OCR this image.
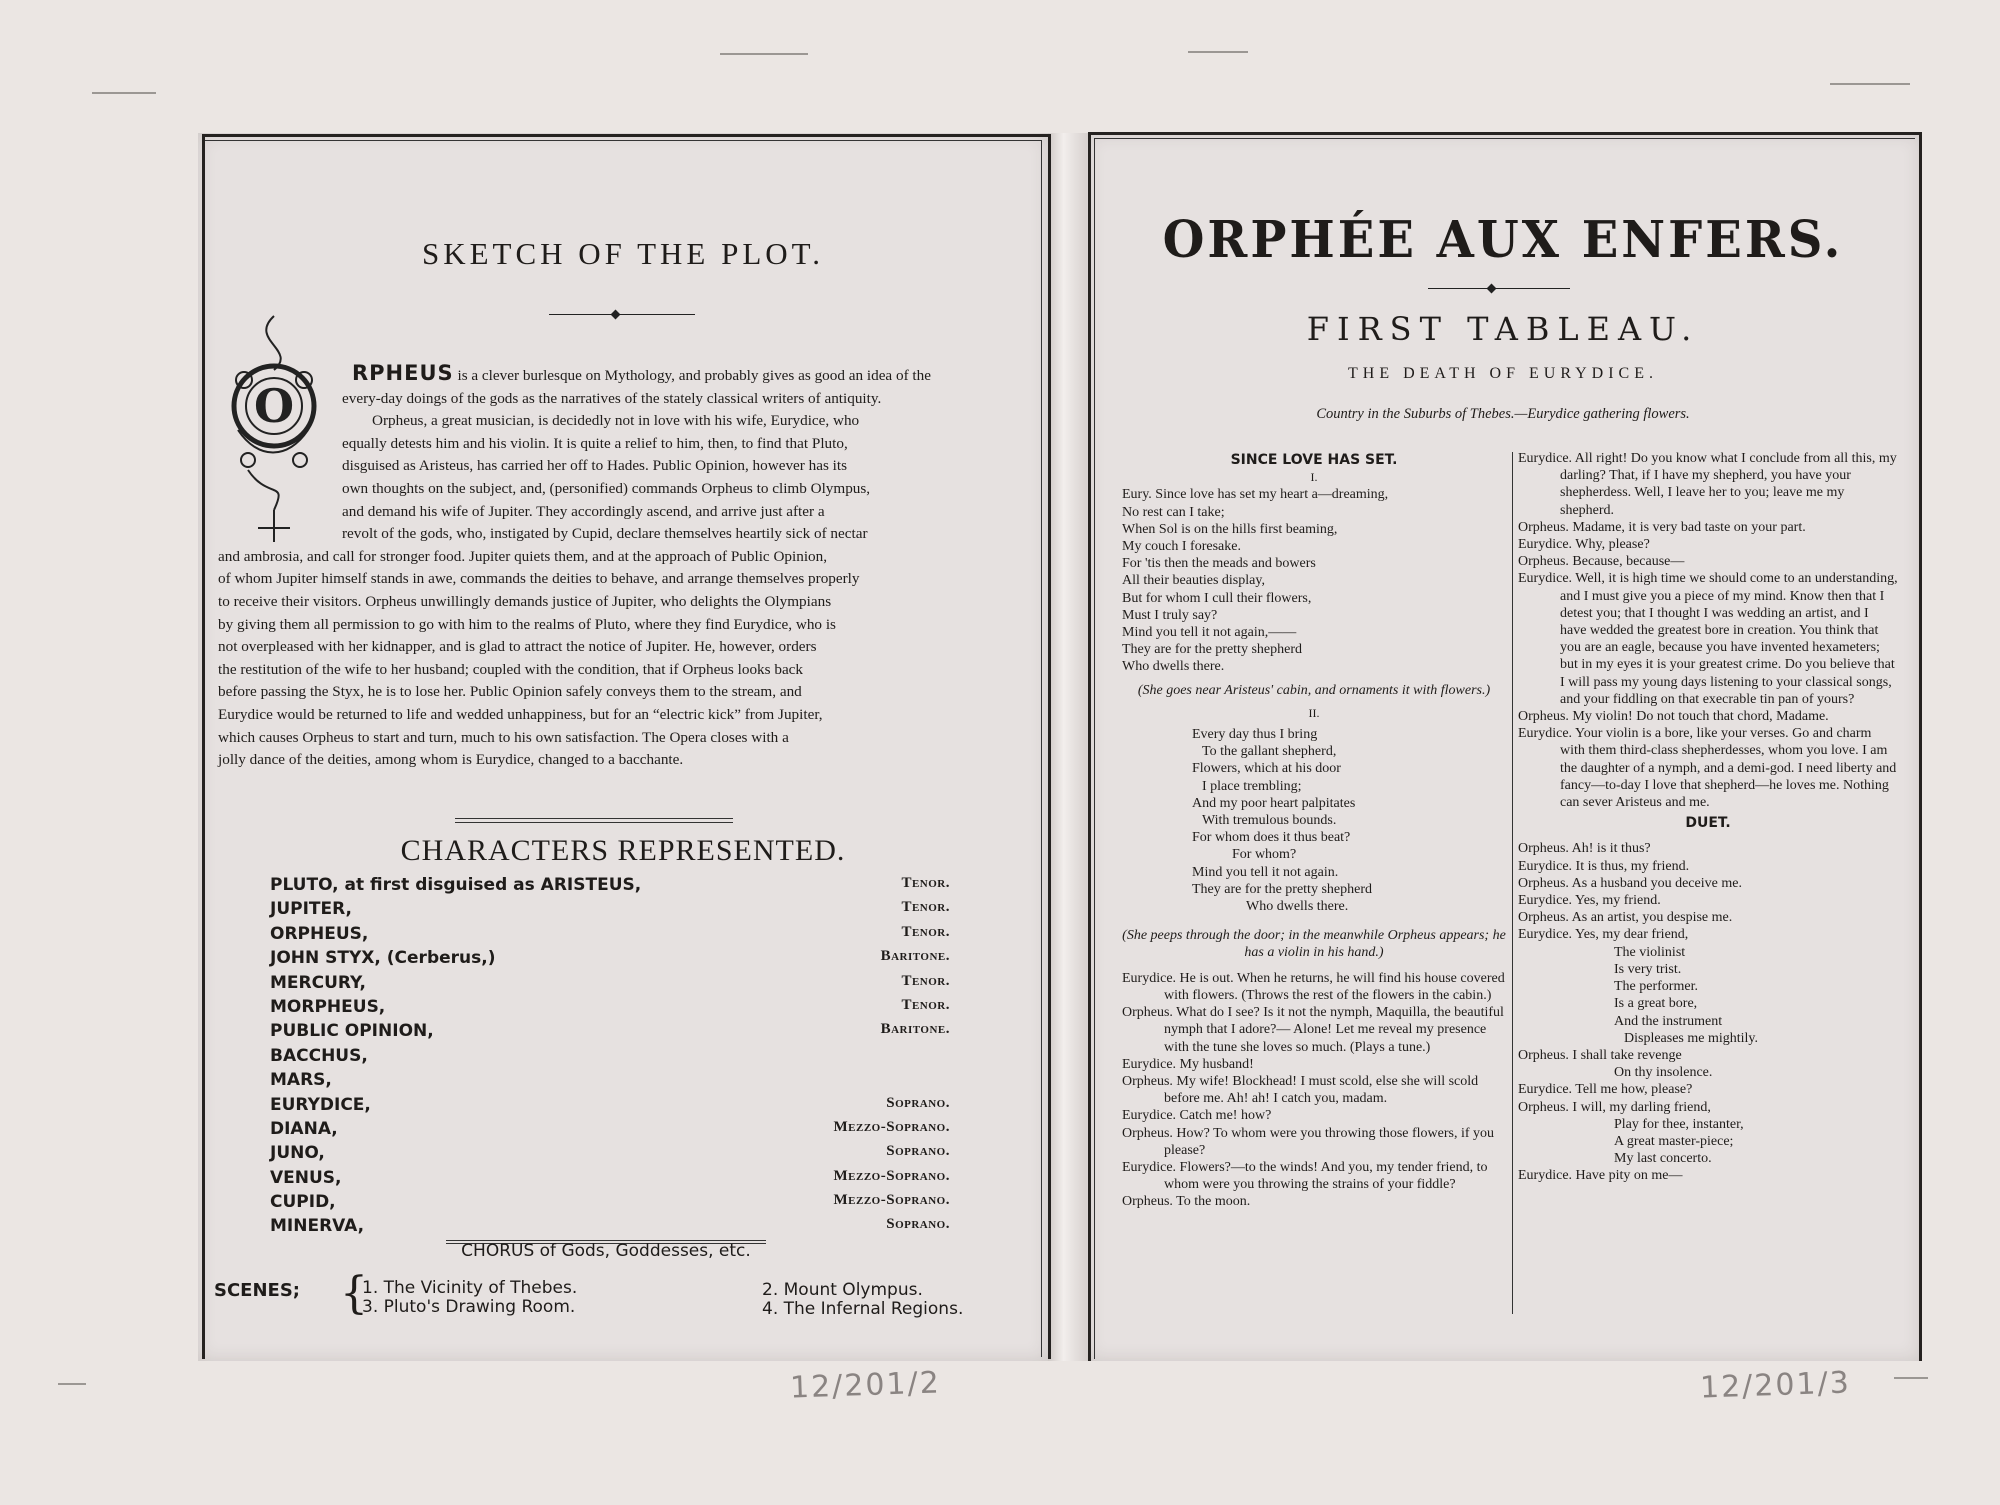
SKETCH OF THE PLOT.
O
RPHEUS is a clever burlesque on Mythology, and probably gives as good an idea of the
every-day doings of the gods as the narratives of the stately classical writers of antiquity.
Orpheus, a great musician, is decidedly not in love with his wife, Eurydice, who
equally detests him and his violin. It is quite a relief to him, then, to find that Pluto,
disguised as Aristeus, has carried her off to Hades. Public Opinion, however has its
own thoughts on the subject, and, (personified) commands Orpheus to climb Olympus,
and demand his wife of Jupiter. They accordingly ascend, and arrive just after a
revolt of the gods, who, instigated by Cupid, declare themselves heartily sick of nectar
and ambrosia, and call for stronger food. Jupiter quiets them, and at the approach of Public Opinion,
of whom Jupiter himself stands in awe, commands the deities to behave, and arrange themselves properly
to receive their visitors. Orpheus unwillingly demands justice of Jupiter, who delights the Olympians
by giving them all permission to go with him to the realms of Pluto, where they find Eurydice, who is
not overpleased with her kidnapper, and is glad to attract the notice of Jupiter. He, however, orders
the restitution of the wife to her husband; coupled with the condition, that if Orpheus looks back
before passing the Styx, he is to lose her. Public Opinion safely conveys them to the stream, and
Eurydice would be returned to life and wedded unhappiness, but for an “electric kick” from Jupiter,
which causes Orpheus to start and turn, much to his own satisfaction. The Opera closes with a
jolly dance of the deities, among whom is Eurydice, changed to a bacchante.
CHARACTERS REPRESENTED.
PLUTO, at first disguised as ARISTEUS,	Tenor.
JUPITER,	Tenor.
ORPHEUS,	Tenor.
JOHN STYX, (Cerberus,)	Baritone.
MERCURY,	Tenor.
MORPHEUS,	Tenor.
PUBLIC OPINION,	Baritone.
BACCHUS,
MARS,
EURYDICE,	Soprano.
DIANA,	Mezzo-Soprano.
JUNO,	Soprano.
VENUS,	Mezzo-Soprano.
CUPID,	Mezzo-Soprano.
MINERVA,	Soprano.
CHORUS of Gods, Goddesses, etc.
SCENES; {
1. The Vicinity of Thebes.	2. Mount Olympus.
3. Pluto's Drawing Room.	4. The Infernal Regions.
ORPHÉE AUX ENFERS.
FIRST TABLEAU.
THE DEATH OF EURYDICE.
Country in the Suburbs of Thebes.—Eurydice gathering flowers.

SINCE LOVE HAS SET.

I.

Eury. Since love has set my heart a—dreaming,

No rest can I take;

When Sol is on the hills first beaming,

My couch I foresake.

For 'tis then the meads and bowers

All their beauties display,

But for whom I cull their flowers,

Must I truly say?

Mind you tell it not again,——

They are for the pretty shepherd

Who dwells there.

(She goes near Aristeus' cabin, and ornaments it with flowers.)

II.

Every day thus I bring

To the gallant shepherd,

Flowers, which at his door

I place trembling;

And my poor heart palpitates

With tremulous bounds.

For whom does it thus beat?

For whom?

Mind you tell it not again.

They are for the pretty shepherd

Who dwells there.

(She peeps through the door; in the meanwhile Orpheus appears; he has a violin in his hand.)

Eurydice. He is out. When he returns, he will find his house covered with flowers. (Throws the rest of the flowers in the cabin.)

Orpheus. What do I see? Is it not the nymph, Maquilla, the beautiful nymph that I adore?— Alone! Let me reveal my presence with the tune she loves so much. (Plays a tune.)

Eurydice. My husband!

Orpheus. My wife! Blockhead! I must scold, else she will scold before me. Ah! ah! I catch you, madam.

Eurydice. Catch me! how?

Orpheus. How? To whom were you throwing those flowers, if you please?

Eurydice. Flowers?—to the winds! And you, my tender friend, to whom were you throwing the strains of your fiddle?

Orpheus. To the moon.

Eurydice. All right! Do you know what I conclude from all this, my darling? That, if I have my shepherd, you have your shepherdess. Well, I leave her to you; leave me my shepherd.

Orpheus. Madame, it is very bad taste on your part.

Eurydice. Why, please?

Orpheus. Because, because—

Eurydice. Well, it is high time we should come to an understanding, and I must give you a piece of my mind. Know then that I detest you; that I thought I was wedding an artist, and I have wedded the greatest bore in creation. You think that you are an eagle, because you have invented hexameters; but in my eyes it is your greatest crime. Do you believe that I will pass my young days listening to your classical songs, and your fiddling on that execrable tin pan of yours?

Orpheus. My violin! Do not touch that chord, Madame.

Eurydice. Your violin is a bore, like your verses. Go and charm with them third-class shepherdesses, whom you love. I am the daughter of a nymph, and a demi-god. I need liberty and fancy—to-day I love that shepherd—he loves me. Nothing can sever Aristeus and me.

DUET.

Orpheus. Ah! is it thus?

Eurydice. It is thus, my friend.

Orpheus. As a husband you deceive me.

Eurydice. Yes, my friend.

Orpheus. As an artist, you despise me.

Eurydice. Yes, my dear friend,

The violinist

Is very trist.

The performer.

Is a great bore,

And the instrument

Displeases me mightily.

Orpheus. I shall take revenge

On thy insolence.

Eurydice. Tell me how, please?

Orpheus. I will, my darling friend,

Play for thee, instanter,

A great master-piece;

My last concerto.

Eurydice. Have pity on me—

12/201/2	12/201/3
